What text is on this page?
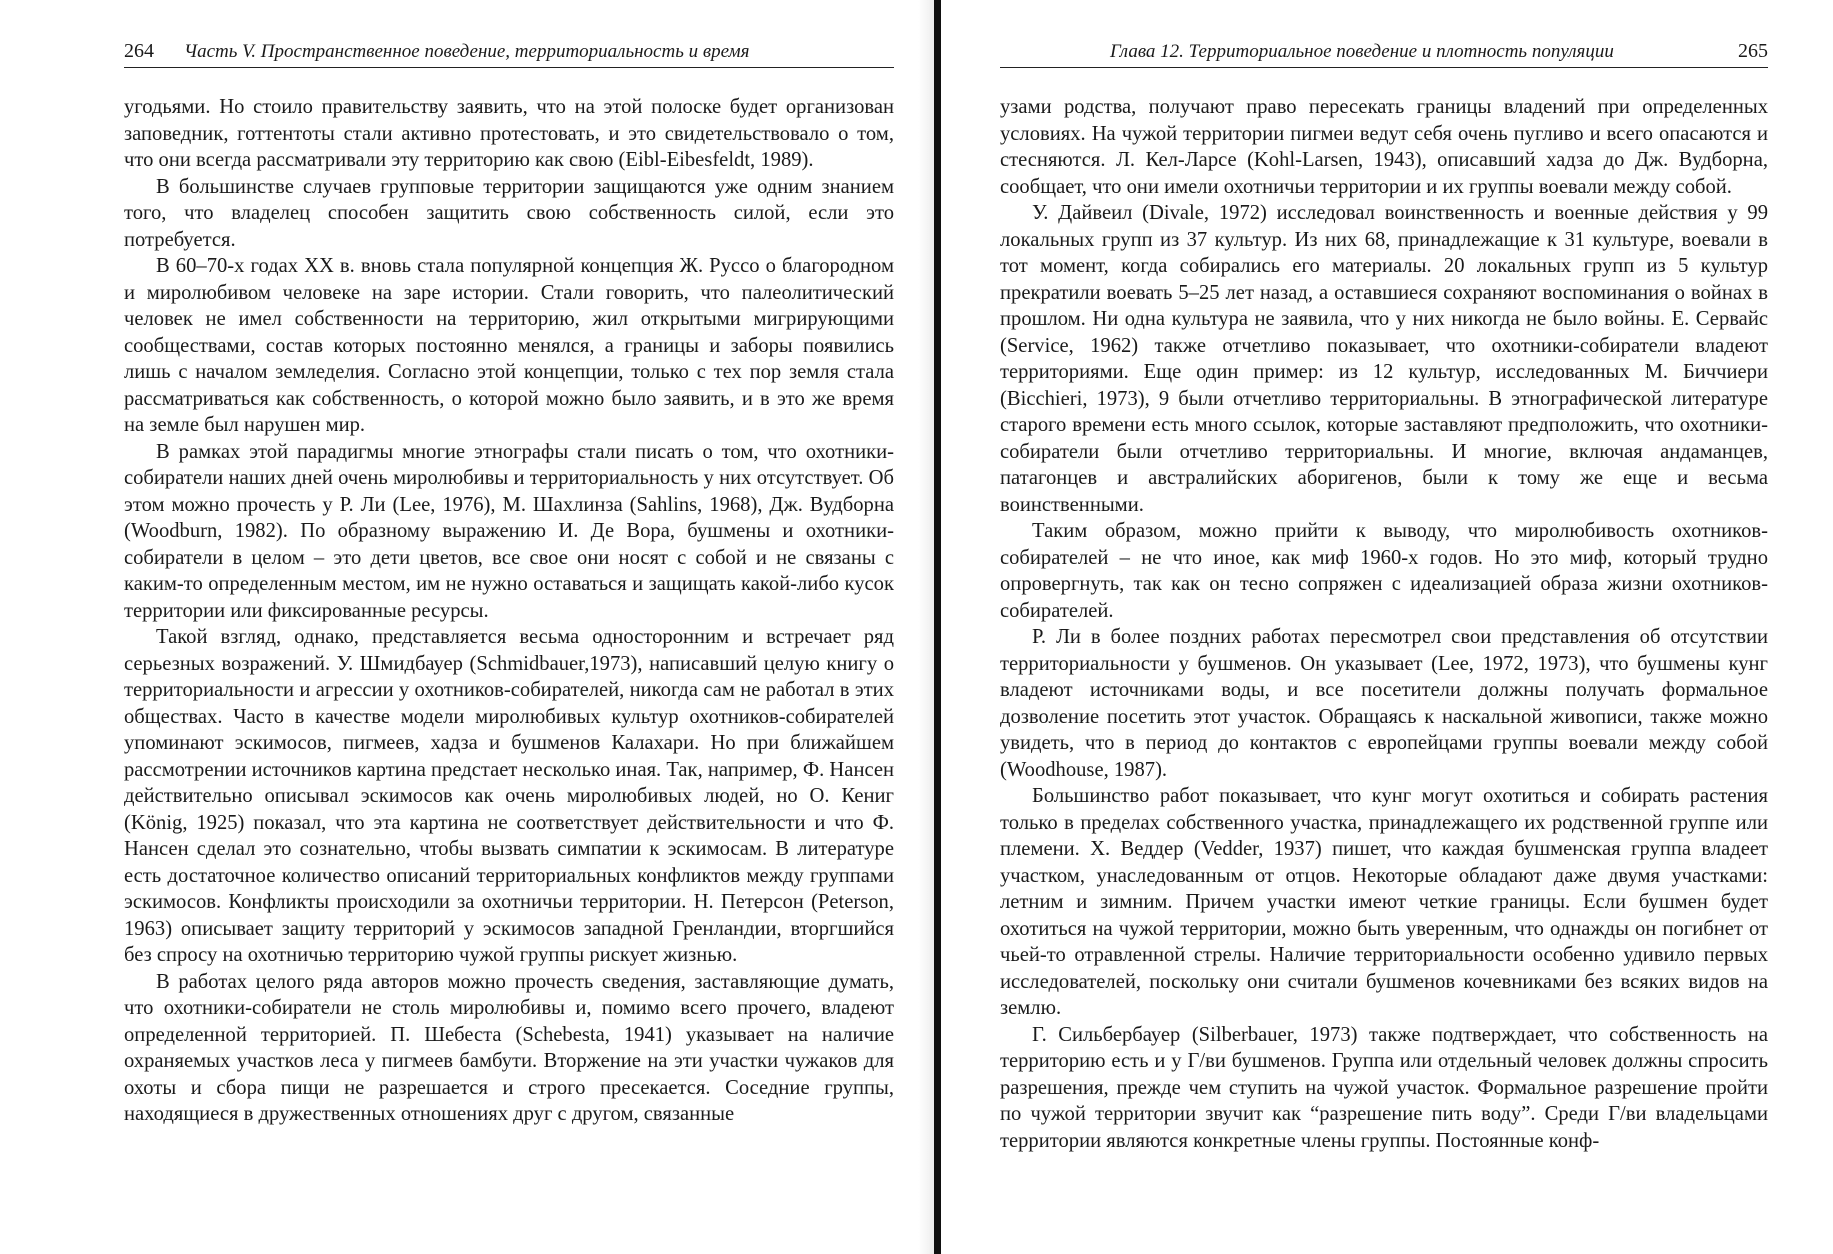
264	Часть V. Пространственное поведение, территориальность и время

угодьями. Но стоило правительству заявить, что на этой полоске будет организован заповедник, готтентоты стали активно протестовать, и это свидетельствовало о том, что они всегда рассматривали эту территорию как свою (Eibl-Eibesfeldt, 1989).

В большинстве случаев групповые территории защищаются уже одним знанием того, что владелец способен защитить свою собственность силой, если это потребуется.

В 60–70-х годах XX в. вновь стала популярной концепция Ж. Руссо о благородном и миролюбивом человеке на заре истории. Стали говорить, что палеолитический человек не имел собственности на территорию, жил открытыми мигрирующими сообществами, состав которых постоянно менялся, а границы и заборы появились лишь с началом земледелия. Согласно этой концепции, только с тех пор земля стала рассматриваться как собственность, о которой можно было заявить, и в это же время на земле был нарушен мир.

В рамках этой парадигмы многие этнографы стали писать о том, что охотники-собиратели наших дней очень миролюбивы и территориальность у них отсутствует. Об этом можно прочесть у Р. Ли (Lee, 1976), М. Шахлинза (Sahlins, 1968), Дж. Вудборна (Woodburn, 1982). По образному выражению И. Де Вора, бушмены и охотники-собиратели в целом – это дети цветов, все свое они носят с собой и не связаны с каким-то определенным местом, им не нужно оставаться и защищать какой-либо кусок территории или фиксированные ресурсы.

Такой взгляд, однако, представляется весьма односторонним и встречает ряд серьезных возражений. У. Шмидбауер (Schmidbauer,1973), написавший целую книгу о территориальности и агрессии у охотников-собирателей, никогда сам не работал в этих обществах. Часто в качестве модели миролюбивых культур охотников-собирателей упоминают эскимосов, пигмеев, хадза и бушменов Калахари. Но при ближайшем рассмотрении источников картина предстает несколько иная. Так, например, Ф. Нансен действительно описывал эскимосов как очень миролюбивых людей, но О. Кениг (König, 1925) показал, что эта картина не соответствует действительности и что Ф. Нансен сделал это сознательно, чтобы вызвать симпатии к эскимосам. В литературе есть достаточное количество описаний территориальных конфликтов между группами эскимосов. Конфликты происходили за охотничьи территории. Н. Петерсон (Peterson, 1963) описывает защиту территорий у эскимосов западной Гренландии, вторгшийся без спросу на охотничью территорию чужой группы рискует жизнью.

В работах целого ряда авторов можно прочесть сведения, заставляющие думать, что охотники-собиратели не столь миролюбивы и, помимо всего прочего, владеют определенной территорией. П. Шебеста (Schebesta, 1941) указывает на наличие охраняемых участков леса у пигмеев бамбути. Вторжение на эти участки чужаков для охоты и сбора пищи не разрешается и строго пресекается. Соседние группы, находящиеся в дружественных отношениях друг с другом, связанные

Глава 12. Территориальное поведение и плотность популяции	265

узами родства, получают право пересекать границы владений при определенных условиях. На чужой территории пигмеи ведут себя очень пугливо и всего опасаются и стесняются. Л. Кел-Ларсе (Kohl-Larsen, 1943), описавший хадза до Дж. Вудборна, сообщает, что они имели охотничьи территории и их группы воевали между собой.

У. Дайвеил (Divale, 1972) исследовал воинственность и военные действия у 99 локальных групп из 37 культур. Из них 68, принадлежащие к 31 культуре, воевали в тот момент, когда собирались его материалы. 20 локальных групп из 5 культур прекратили воевать 5–25 лет назад, а оставшиеся сохраняют воспоминания о войнах в прошлом. Ни одна культура не заявила, что у них никогда не было войны. Е. Сервайс (Service, 1962) также отчетливо показывает, что охотники-собиратели владеют территориями. Еще один пример: из 12 культур, исследованных М. Биччиери (Bicchieri, 1973), 9 были отчетливо территориальны. В этнографической литературе старого времени есть много ссылок, которые заставляют предположить, что охотники-собиратели были отчетливо территориальны. И многие, включая андаманцев, патагонцев и австралийских аборигенов, были к тому же еще и весьма воинственными.

Таким образом, можно прийти к выводу, что миролюбивость охотников-собирателей – не что иное, как миф 1960-х годов. Но это миф, который трудно опровергнуть, так как он тесно сопряжен с идеализацией образа жизни охотников-собирателей.

Р. Ли в более поздних работах пересмотрел свои представления об отсутствии территориальности у бушменов. Он указывает (Lee, 1972, 1973), что бушмены кунг владеют источниками воды, и все посетители должны получать формальное дозволение посетить этот участок. Обращаясь к наскальной живописи, также можно увидеть, что в период до контактов с европейцами группы воевали между собой (Woodhouse, 1987).

Большинство работ показывает, что кунг могут охотиться и собирать растения только в пределах собственного участка, принадлежащего их родственной группе или племени. Х. Веддер (Vedder, 1937) пишет, что каждая бушменская группа владеет участком, унаследованным от отцов. Некоторые обладают даже двумя участками: летним и зимним. Причем участки имеют четкие границы. Если бушмен будет охотиться на чужой территории, можно быть уверенным, что однажды он погибнет от чьей-то отравленной стрелы. Наличие территориальности особенно удивило первых исследователей, поскольку они считали бушменов кочевниками без всяких видов на землю.

Г. Сильбербауер (Silberbauer, 1973) также подтверждает, что собственность на территорию есть и у Г/ви бушменов. Группа или отдельный человек должны спросить разрешения, прежде чем ступить на чужой участок. Формальное разрешение пройти по чужой территории звучит как “разрешение пить воду”. Среди Г/ви владельцами территории являются конкретные члены группы. Постоянные конф-
